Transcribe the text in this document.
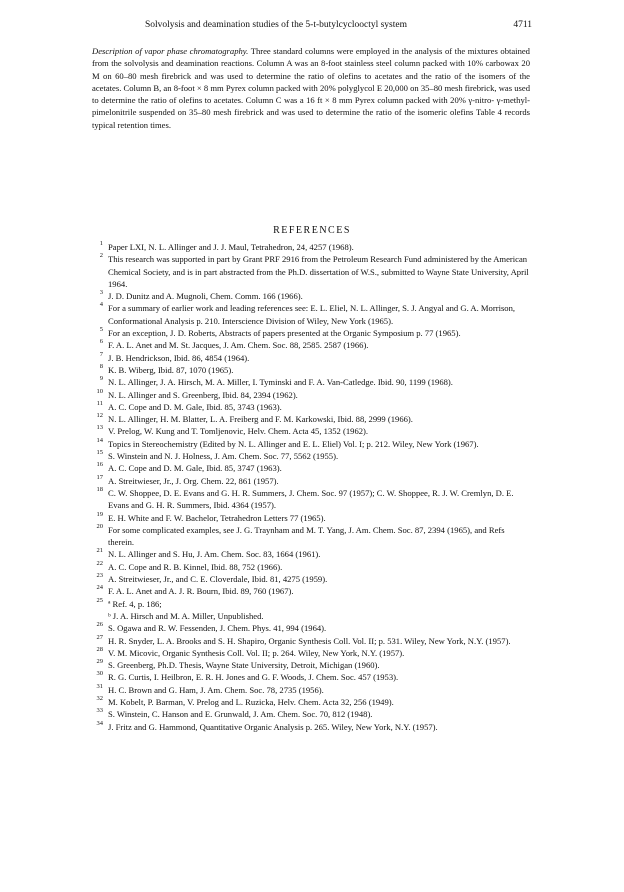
Solvolysis and deamination studies of the 5-t-butylcyclooctyl system	4711
Description of vapor phase chromatography. Three standard columns were employed in the analysis of the mixtures obtained from the solvolysis and deamination reactions. Column A was an 8-foot stainless steel column packed with 10% carbowax 20 M on 60–80 mesh firebrick and was used to determine the ratio of olefins to acetates and the ratio of the isomers of the acetates. Column B, an 8-foot × 8 mm Pyrex column packed with 20% polyglycol E 20,000 on 35–80 mesh firebrick, was used to determine the ratio of olefins to acetates. Column C was a 16 ft × 8 mm Pyrex column packed with 20% γ-nitro- γ-methyl-pimelonitrile suspended on 35–80 mesh firebrick and was used to determine the ratio of the isomeric olefins Table 4 records typical retention times.
REFERENCES
1 Paper LXI, N. L. Allinger and J. J. Maul, Tetrahedron, 24, 4257 (1968).
2 This research was supported in part by Grant PRF 2916 from the Petroleum Research Fund administered by the American Chemical Society, and is in part abstracted from the Ph.D. dissertation of W.S., submitted to Wayne State University, April 1964.
3 J. D. Dunitz and A. Mugnoli, Chem. Comm. 166 (1966).
4 For a summary of earlier work and leading references see: E. L. Eliel, N. L. Allinger, S. J. Angyal and G. A. Morrison, Conformational Analysis p. 210. Interscience Division of Wiley, New York (1965).
5 For an exception, J. D. Roberts, Abstracts of papers presented at the Organic Symposium p. 77 (1965).
6 F. A. L. Anet and M. St. Jacques, J. Am. Chem. Soc. 88, 2585. 2587 (1966).
7 J. B. Hendrickson, Ibid. 86, 4854 (1964).
8 K. B. Wiberg, Ibid. 87, 1070 (1965).
9 N. L. Allinger, J. A. Hirsch, M. A. Miller, I. Tyminski and F. A. Van-Catledge. Ibid. 90, 1199 (1968).
10 N. L. Allinger and S. Greenberg, Ibid. 84, 2394 (1962).
11 A. C. Cope and D. M. Gale, Ibid. 85, 3743 (1963).
12 N. L. Allinger, H. M. Blatter, L. A. Freiberg and F. M. Karkowski, Ibid. 88, 2999 (1966).
13 V. Prelog, W. Kung and T. Tomljenovic, Helv. Chem. Acta 45, 1352 (1962).
14 Topics in Stereochemistry (Edited by N. L. Allinger and E. L. Eliel) Vol. I; p. 212. Wiley, New York (1967).
15 S. Winstein and N. J. Holness, J. Am. Chem. Soc. 77, 5562 (1955).
16 A. C. Cope and D. M. Gale, Ibid. 85, 3747 (1963).
17 A. Streitwieser, Jr., J. Org. Chem. 22, 861 (1957).
18 C. W. Shoppee, D. E. Evans and G. H. R. Summers, J. Chem. Soc. 97 (1957); C. W. Shoppee, R. J. W. Cremlyn, D. E. Evans and G. H. R. Summers, Ibid. 4364 (1957).
19 E. H. White and F. W. Bachelor, Tetrahedron Letters 77 (1965).
20 For some complicated examples, see J. G. Traynham and M. T. Yang, J. Am. Chem. Soc. 87, 2394 (1965), and Refs therein.
21 N. L. Allinger and S. Hu, J. Am. Chem. Soc. 83, 1664 (1961).
22 A. C. Cope and R. B. Kinnel, Ibid. 88, 752 (1966).
23 A. Streitwieser, Jr., and C. E. Cloverdale, Ibid. 81, 4275 (1959).
24 F. A. L. Anet and A. J. R. Bourn, Ibid. 89, 760 (1967).
25 ª Ref. 4, p. 186;
ᵇ J. A. Hirsch and M. A. Miller, Unpublished.
26 S. Ogawa and R. W. Fessenden, J. Chem. Phys. 41, 994 (1964).
27 H. R. Snyder, L. A. Brooks and S. H. Shapiro, Organic Synthesis Coll. Vol. II; p. 531. Wiley, New York, N.Y. (1957).
28 V. M. Micovic, Organic Synthesis Coll. Vol. II; p. 264. Wiley, New York, N.Y. (1957).
29 S. Greenberg, Ph.D. Thesis, Wayne State University, Detroit, Michigan (1960).
30 R. G. Curtis, I. Heilbron, E. R. H. Jones and G. F. Woods, J. Chem. Soc. 457 (1953).
31 H. C. Brown and G. Ham, J. Am. Chem. Soc. 78, 2735 (1956).
32 M. Kobelt, P. Barman, V. Prelog and L. Ruzicka, Helv. Chem. Acta 32, 256 (1949).
33 S. Winstein, C. Hanson and E. Grunwald, J. Am. Chem. Soc. 70, 812 (1948).
34 J. Fritz and G. Hammond, Quantitative Organic Analysis p. 265. Wiley, New York, N.Y. (1957).
